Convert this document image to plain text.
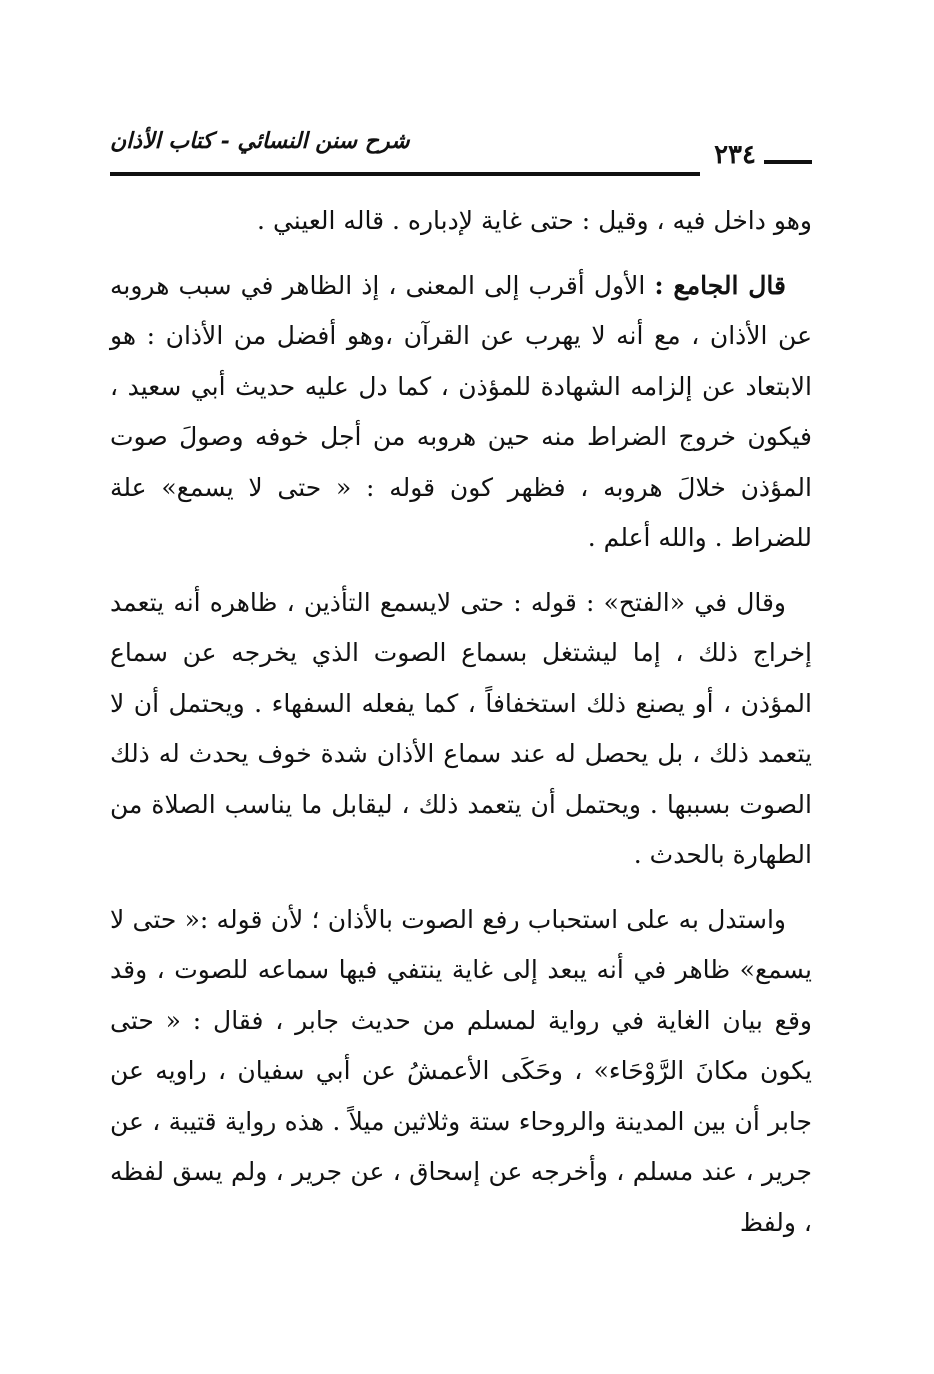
شرح سنن النسائي - كتاب الأذان	٢٣٤

وهو داخل فيه ، وقيل : حتى غاية لإدباره . قاله العيني .

قال الجامع : الأول أقرب إلى المعنى ، إذ الظاهر في سبب هروبه عن الأذان ، مع أنه لا يهرب عن القرآن ،وهو أفضل من الأذان : هو الابتعاد عن إلزامه الشهادة للمؤذن ، كما دل عليه حديث أبي سعيد ، فيكون خروج الضراط منه حين هروبه من أجل خوفه وصولَ صوت المؤذن خلالَ هروبه ، فظهر كون قوله : « حتى لا يسمع» علة للضراط . والله أعلم .

وقال في «الفتح» : قوله : حتى لايسمع التأذين ، ظاهره أنه يتعمد إخراج ذلك ، إما ليشتغل بسماع الصوت الذي يخرجه عن سماع المؤذن ، أو يصنع ذلك استخفافاً ، كما يفعله السفهاء . ويحتمل أن لا يتعمد ذلك ، بل يحصل له عند سماع الأذان شدة خوف يحدث له ذلك الصوت بسببها . ويحتمل أن يتعمد ذلك ، ليقابل ما يناسب الصلاة من الطهارة بالحدث .

واستدل به على استحباب رفع الصوت بالأذان ؛ لأن قوله :« حتى لا يسمع» ظاهر في أنه يبعد إلى غاية ينتفي فيها سماعه للصوت ، وقد وقع بيان الغاية في رواية لمسلم من حديث جابر ، فقال : « حتى يكون مكانَ الرَّوْحَاء» ، وحَكَى الأعمشُ عن أبي سفيان ، راويه عن جابر أن بين المدينة والروحاء ستة وثلاثين ميلاً . هذه رواية قتيبة ، عن جرير ، عند مسلم ، وأخرجه عن إسحاق ، عن جرير ، ولم يسق لفظه ، ولفظ
